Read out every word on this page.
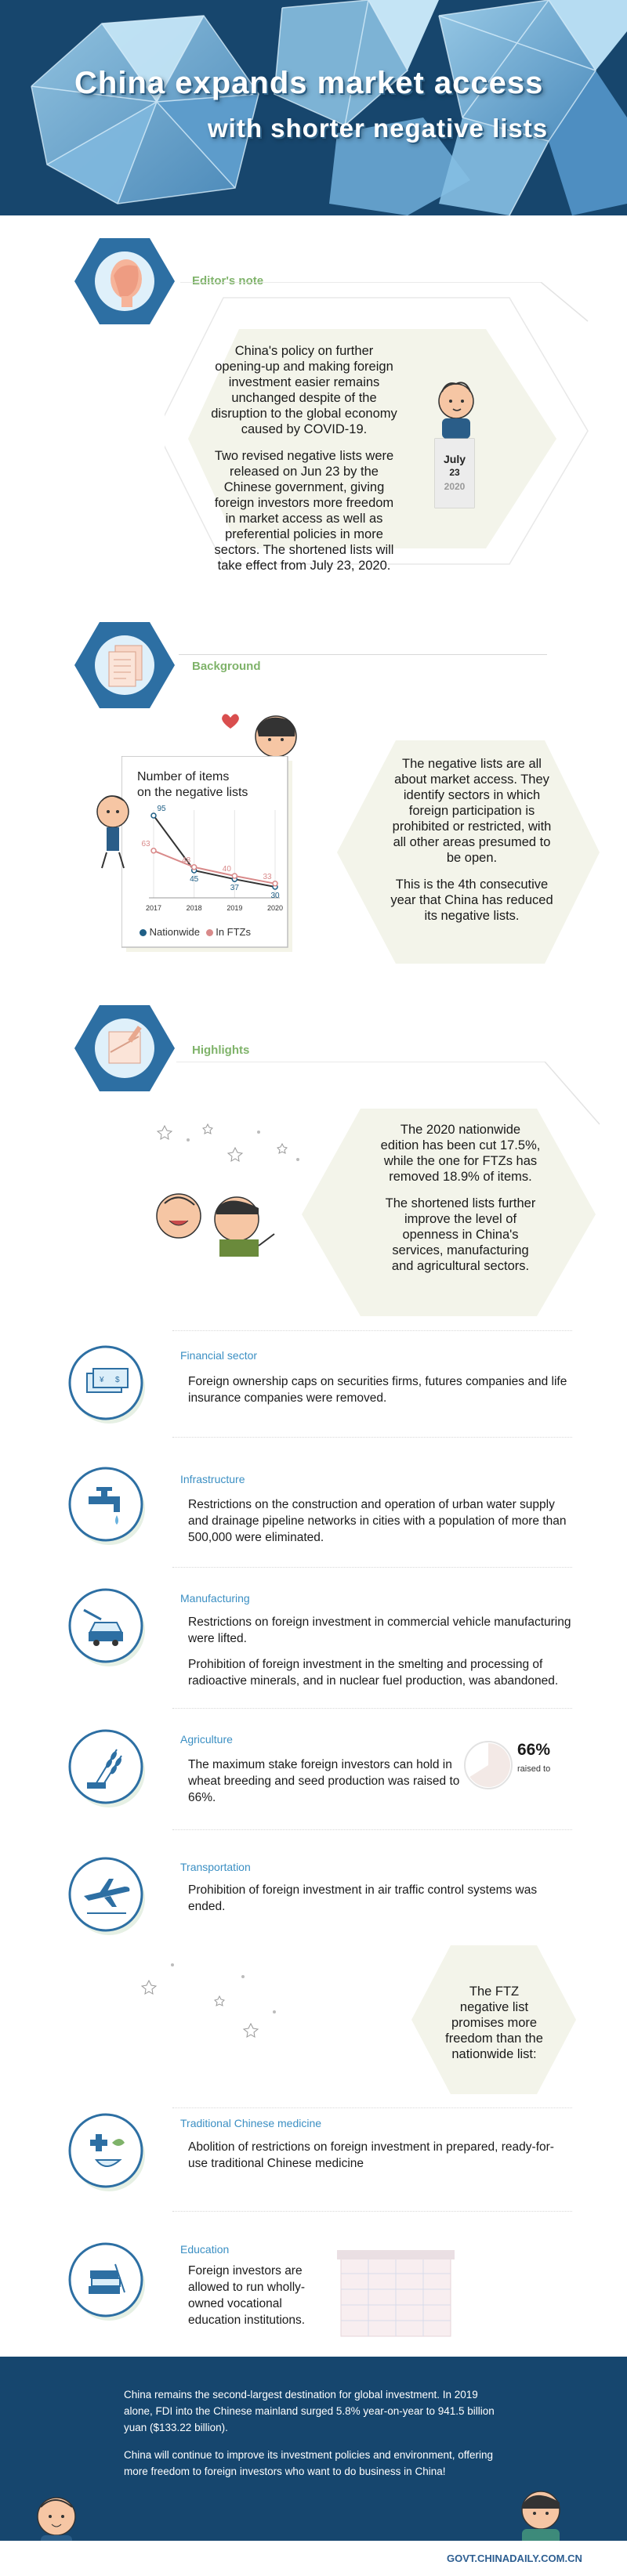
China expands market access
with shorter negative lists
Editor's note

China's policy on further opening-up and making foreign investment easier remains unchanged despite of the disruption to the global economy caused by COVID-19.

Two revised negative lists were released on Jun 23 by the Chinese government, giving foreign investors more freedom in market access as well as preferential policies in more sectors. The shortened lists will take effect from July 23, 2020.

July
23
2020
Background
Number of items
on the negative lists
2017	2018	2019	2020
95
45
37
30
63
48
40
33
Nationwide In FTZs

The negative lists are all about market access. They identify sectors in which foreign participation is prohibited or restricted, with all other areas presumed to be open.

This is the 4th consecutive year that China has reduced its negative lists.

Highlights

The 2020 nationwide edition has been cut 17.5%, while the one for FTZs has removed 18.9% of items.

The shortened lists further improve the level of openness in China's services, manufacturing and agricultural sectors.

¥ $
Financial sector
Foreign ownership caps on securities firms, futures companies and life insurance companies were removed.
Infrastructure
Restrictions on the construction and operation of urban water supply and drainage pipeline networks in cities with a population of more than 500,000 were eliminated.
Manufacturing

Restrictions on foreign investment in commercial vehicle manufacturing were lifted.

Prohibition of foreign investment in the smelting and processing of radioactive minerals, and in nuclear fuel production, was abandoned.

Agriculture
The maximum stake foreign investors can hold in wheat breeding and seed production was raised to 66%.
66%
raised to
Transportation
Prohibition of foreign investment in air traffic control systems was ended.
The FTZ negative list promises more freedom than the nationwide list:
Traditional Chinese medicine
Abolition of restrictions on foreign investment in prepared, ready-for-use traditional Chinese medicine
Education
Foreign investors are allowed to run wholly-owned vocational education institutions.

China remains the second-largest destination for global investment. In 2019 alone, FDI into the Chinese mainland surged 5.8% year-on-year to 941.5 billion yuan ($133.22 billion).

China will continue to improve its investment policies and environment, offering more freedom to foreign investors who want to do business in China!

GOVT.CHINADAILY.COM.CN
